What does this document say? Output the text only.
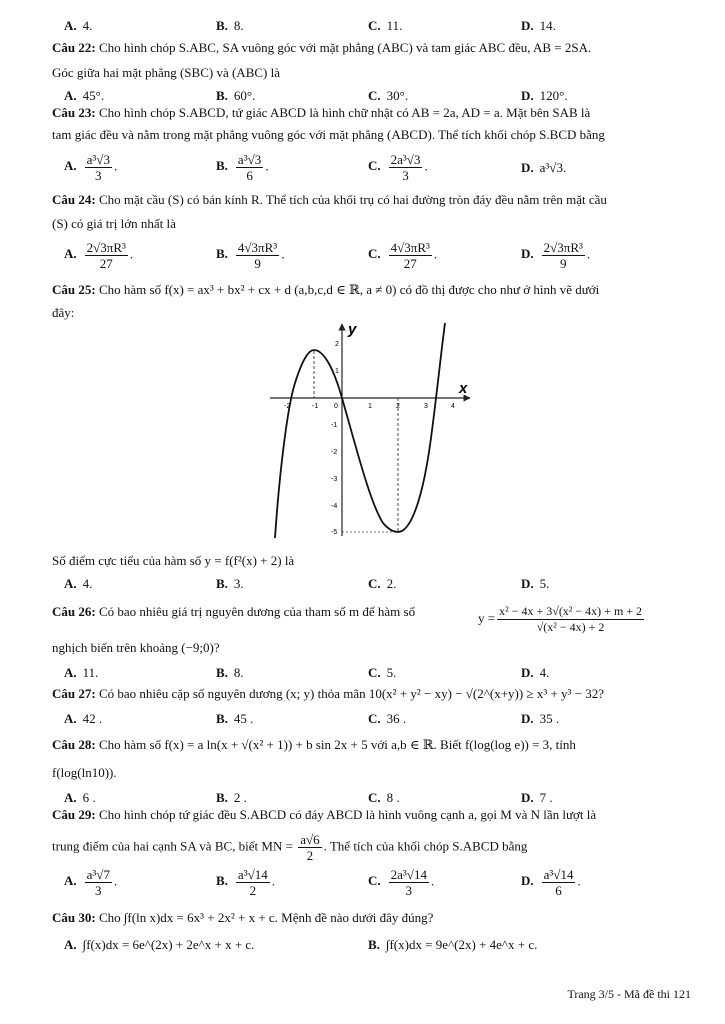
A. 4.	B. 8.	C. 11.	D. 14.
Câu 22: Cho hình chóp S.ABC, SA vuông góc với mặt phẳng (ABC) và tam giác ABC đều, AB = 2SA.
Góc giữa hai mặt phẳng (SBC) và (ABC) là
A. 45°.	B. 60°.	C. 30°.	D. 120°.
Câu 23: Cho hình chóp S.ABCD, tứ giác ABCD là hình chữ nhật có AB = 2a, AD = a. Mặt bên SAB là
tam giác đều và nằm trong mặt phẳng vuông góc với mặt phẳng (ABCD). Thể tích khối chóp S.BCD bằng
A. $\frac{\text{a³√3}}{3}$ .	B. $\frac{\text{a³√3}}{6}$ .	C. $\frac{\text{2a³√3}}{3}$ .	D. a³√3.
Câu 24: Cho mặt cầu (S) có bán kính R. Thể tích của khối trụ có hai đường tròn đáy đều nằm trên mặt cầu
(S) có giá trị lớn nhất là
A. $\frac{\text{2√3πR³}}{27}$ .	B. $\frac{\text{4√3πR³}}{9}$ .	C. $\frac{\text{4√3πR³}}{27}$ .	D. $\frac{\text{2√3πR³}}{9}$ .
Câu 25: Cho hàm số f(x) = ax³ + bx² + cx + d (a,b,c,d ∈ ℝ, a ≠ 0) có đồ thị được cho như ở hình vẽ dưới
đây:
x
y
0
-2	-1	1	2	3	4
2
1
-1
-2
-3
-4
-5
Số điểm cực tiểu của hàm số y = f(f²(x) + 2) là
A. 4.	B. 3.	C. 2.	D. 5.
Câu 26: Có bao nhiêu giá trị nguyên dương của tham số m để hàm số	$y = \frac{\text{x² − 4x + 3√(x² − 4x) + m + 2}}{\text{√(x² − 4x) + 2}}$
nghịch biến trên khoảng (−9;0)?
A. 11.	B. 8.	C. 5.	D. 4.
Câu 27: Có bao nhiêu cặp số nguyên dương (x; y) thỏa mãn 10(x² + y² − xy) − √(2^(x+y)) ≥ x³ + y³ − 32?
A. 42 .	B. 45 .	C. 36 .	D. 35 .
Câu 28: Cho hàm số f(x) = a ln(x + √(x² + 1)) + b sin 2x + 5 với a,b ∈ ℝ. Biết f(log(log e)) = 3, tính
f(log(ln10)).
A. 6 .	B. 2 .	C. 8 .	D. 7 .
Câu 29: Cho hình chóp tứ giác đều S.ABCD có đáy ABCD là hình vuông cạnh a, gọi M và N lần lượt là
trung điểm của hai cạnh SA và BC, biết MN = $\frac{a√6}{2}$ . Thể tích của khối chóp S.ABCD bằng
A. $\frac{\text{a³√7}}{3}$ .	B. $\frac{\text{a³√14}}{2}$ .	C. $\frac{\text{2a³√14}}{3}$ .	D. $\frac{\text{a³√14}}{6}$ .
Câu 30: Cho ∫f(ln x)dx = 6x³ + 2x² + x + c. Mệnh đề nào dưới đây đúng?
A. ∫f(x)dx = 6e^(2x) + 2e^x + x + c.	B. ∫f(x)dx = 9e^(2x) + 4e^x + c.
Trang 3/5 - Mã đề thi 121
